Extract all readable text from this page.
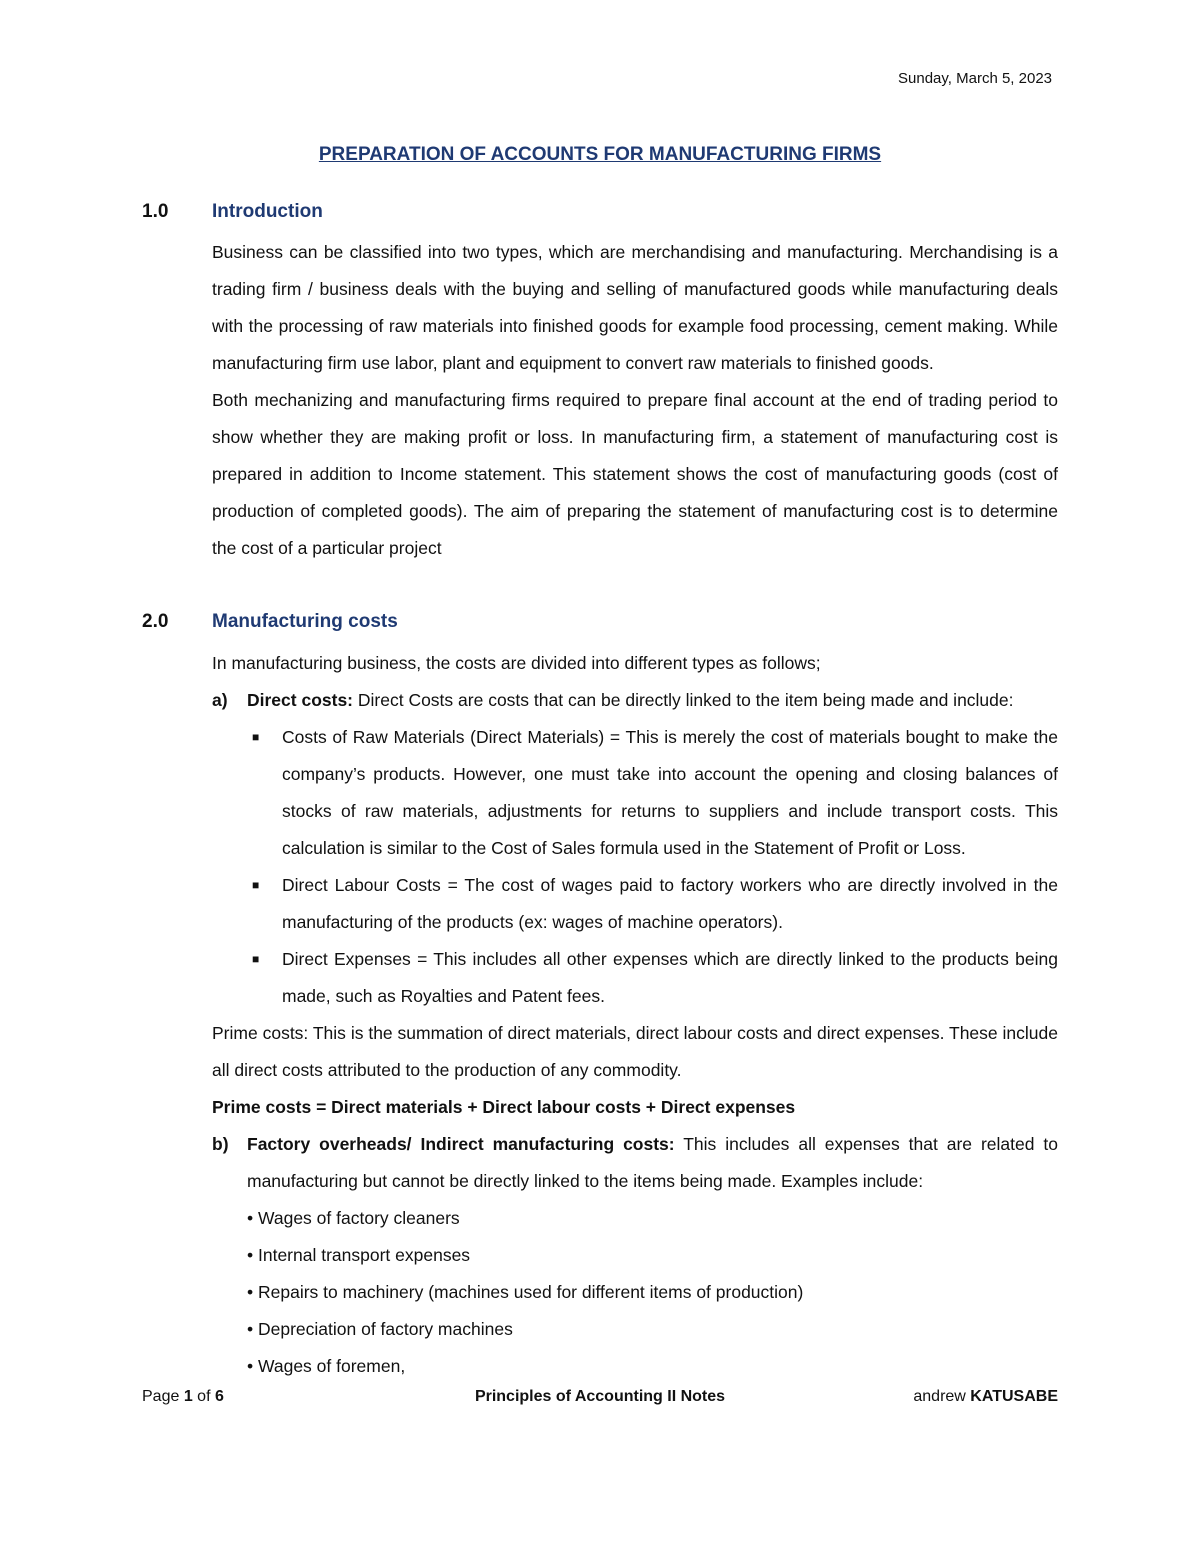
Sunday, March 5, 2023
PREPARATION OF ACCOUNTS FOR MANUFACTURING FIRMS
1.0 Introduction

Business can be classified into two types, which are merchandising and manufacturing. Merchandising is a trading firm / business deals with the buying and selling of manufactured goods while manufacturing deals with the processing of raw materials into finished goods for example food processing, cement making. While manufacturing firm use labor, plant and equipment to convert raw materials to finished goods.

Both mechanizing and manufacturing firms required to prepare final account at the end of trading period to show whether they are making profit or loss. In manufacturing firm, a statement of manufacturing cost is prepared in addition to Income statement. This statement shows the cost of manufacturing goods (cost of production of completed goods). The aim of preparing the statement of manufacturing cost is to determine the cost of a particular project

2.0 Manufacturing costs

In manufacturing business, the costs are divided into different types as follows;

a) Direct costs: Direct Costs are costs that can be directly linked to the item being made and include:
■ Costs of Raw Materials (Direct Materials) = This is merely the cost of materials bought to make the company’s products. However, one must take into account the opening and closing balances of stocks of raw materials, adjustments for returns to suppliers and include transport costs. This calculation is similar to the Cost of Sales formula used in the Statement of Profit or Loss.
■ Direct Labour Costs = The cost of wages paid to factory workers who are directly involved in the manufacturing of the products (ex: wages of machine operators).
■ Direct Expenses = This includes all other expenses which are directly linked to the products being made, such as Royalties and Patent fees.

Prime costs: This is the summation of direct materials, direct labour costs and direct expenses. These include all direct costs attributed to the production of any commodity.

Prime costs = Direct materials + Direct labour costs + Direct expenses

b) Factory overheads/ Indirect manufacturing costs: This includes all expenses that are related to manufacturing but cannot be directly linked to the items being made. Examples include:
• Wages of factory cleaners
• Internal transport expenses
• Repairs to machinery (machines used for different items of production)
• Depreciation of factory machines
• Wages of foremen,
Page 1 of 6	Principles of Accounting II Notes	andrew KATUSABE
